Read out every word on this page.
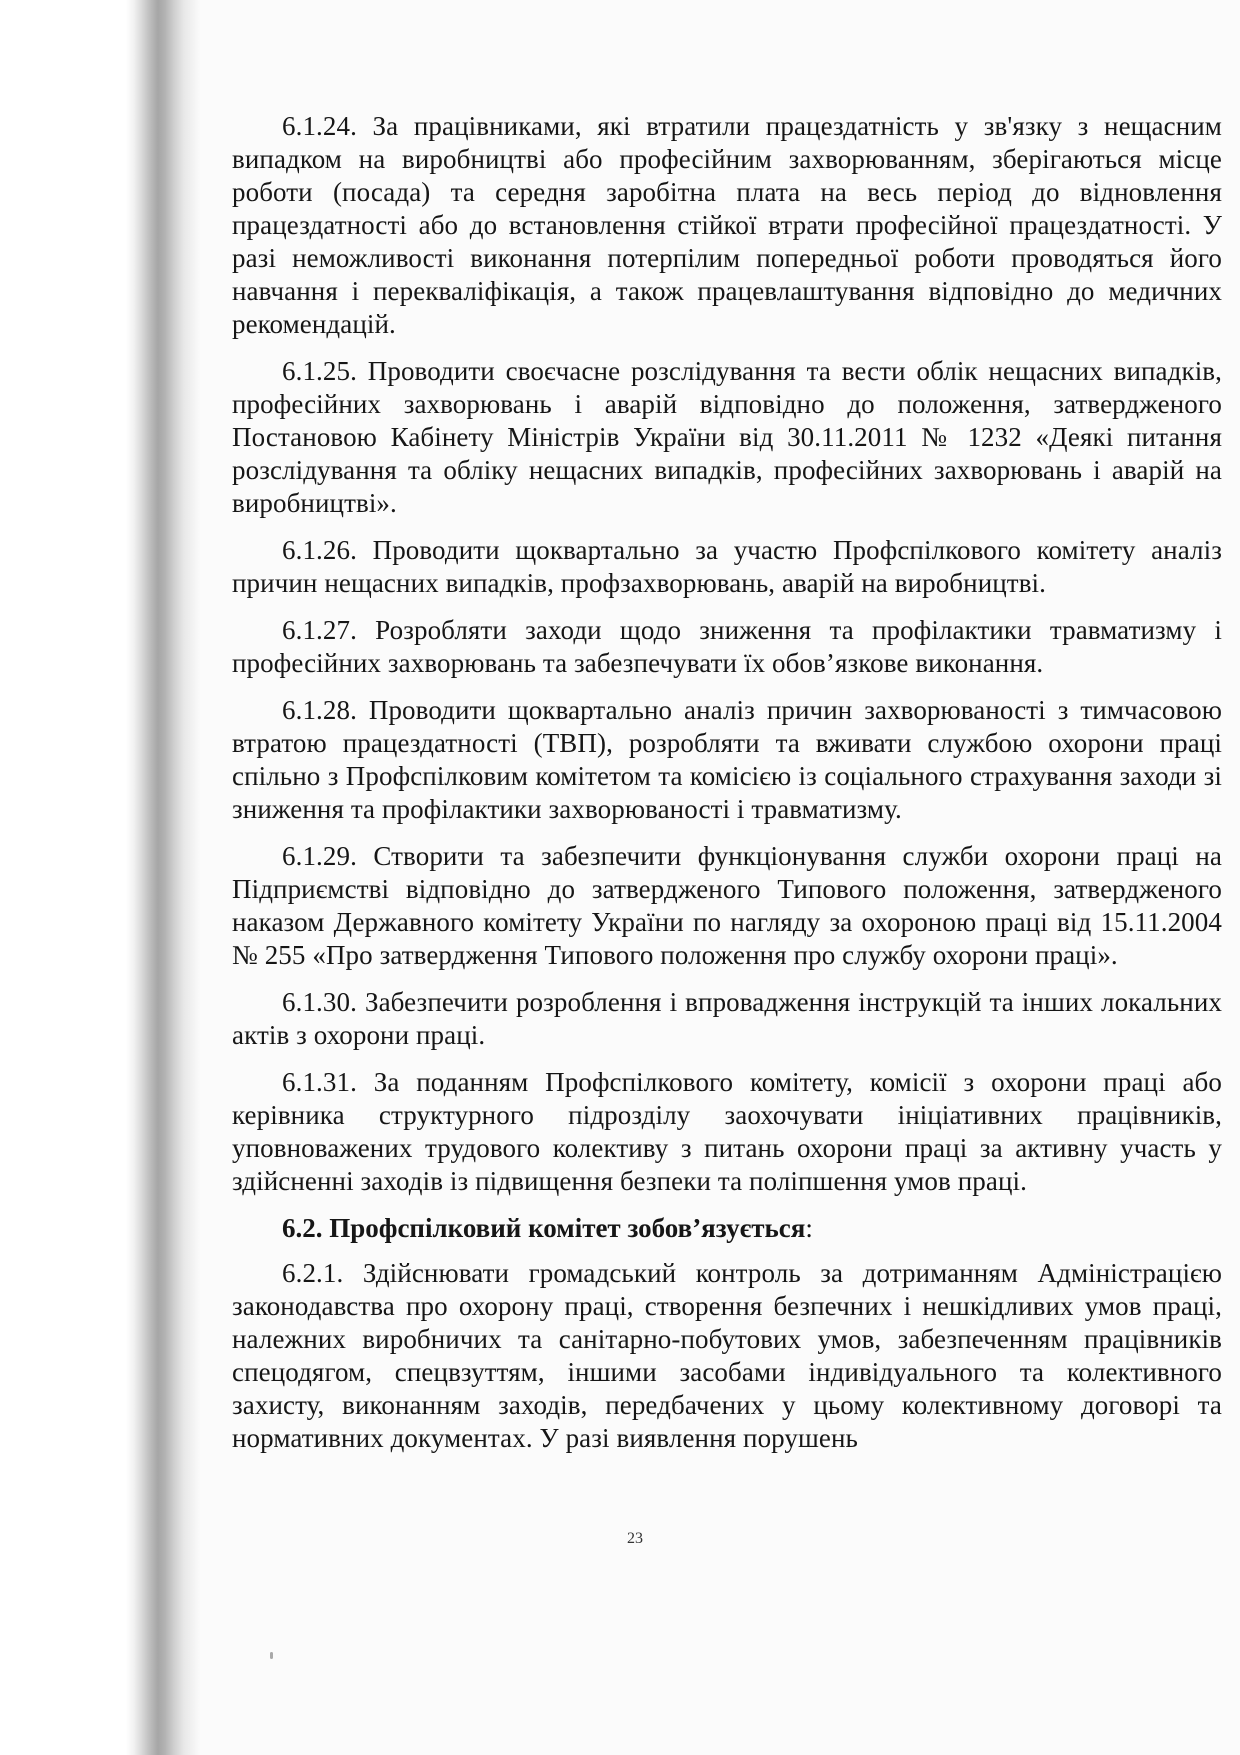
6.1.24. За працівниками, які втратили працездатність у зв'язку з нещасним випадком на виробництві або професійним захворюванням, зберігаються місце роботи (посада) та середня заробітна плата на весь період до відновлення працездатності або до встановлення стійкої втрати професійної працездатності. У разі неможливості виконання потерпілим попередньої роботи проводяться його навчання і перекваліфікація, а також працевлаштування відповідно до медичних рекомендацій.

6.1.25. Проводити своєчасне розслідування та вести облік нещасних випадків, професійних захворювань і аварій відповідно до положення, затвердженого Постановою Кабінету Міністрів України від 30.11.2011 № 1232 «Деякі питання розслідування та обліку нещасних випадків, професійних захворювань і аварій на виробництві».

6.1.26. Проводити щоквартально за участю Профспілкового комітету аналіз причин нещасних випадків, профзахворювань, аварій на виробництві.

6.1.27. Розробляти заходи щодо зниження та профілактики травматизму і професійних захворювань та забезпечувати їх обов’язкове виконання.

6.1.28. Проводити щоквартально аналіз причин захворюваності з тимчасовою втратою працездатності (ТВП), розробляти та вживати службою охорони праці спільно з Профспілковим комітетом та комісією із соціального страхування заходи зі зниження та профілактики захворюваності і травматизму.

6.1.29. Створити та забезпечити функціонування служби охорони праці на Підприємстві відповідно до затвердженого Типового положення, затвердженого наказом Державного комітету України по нагляду за охороною праці від 15.11.2004 № 255 «Про затвердження Типового положення про службу охорони праці».

6.1.30. Забезпечити розроблення і впровадження інструкцій та інших локальних актів з охорони праці.

6.1.31. За поданням Профспілкового комітету, комісії з охорони праці або керівника структурного підрозділу заохочувати ініціативних працівників, уповноважених трудового колективу з питань охорони праці за активну участь у здійсненні заходів із підвищення безпеки та поліпшення умов праці.

6.2. Профспілковий комітет зобов’язується:

6.2.1. Здійснювати громадський контроль за дотриманням Адміністрацією законодавства про охорону праці, створення безпечних і нешкідливих умов праці, належних виробничих та санітарно-побутових умов, забезпеченням працівників спецодягом, спецвзуттям, іншими засобами індивідуального та колективного захисту, виконанням заходів, передбачених у цьому колективному договорі та нормативних документах. У разі виявлення порушень

23
